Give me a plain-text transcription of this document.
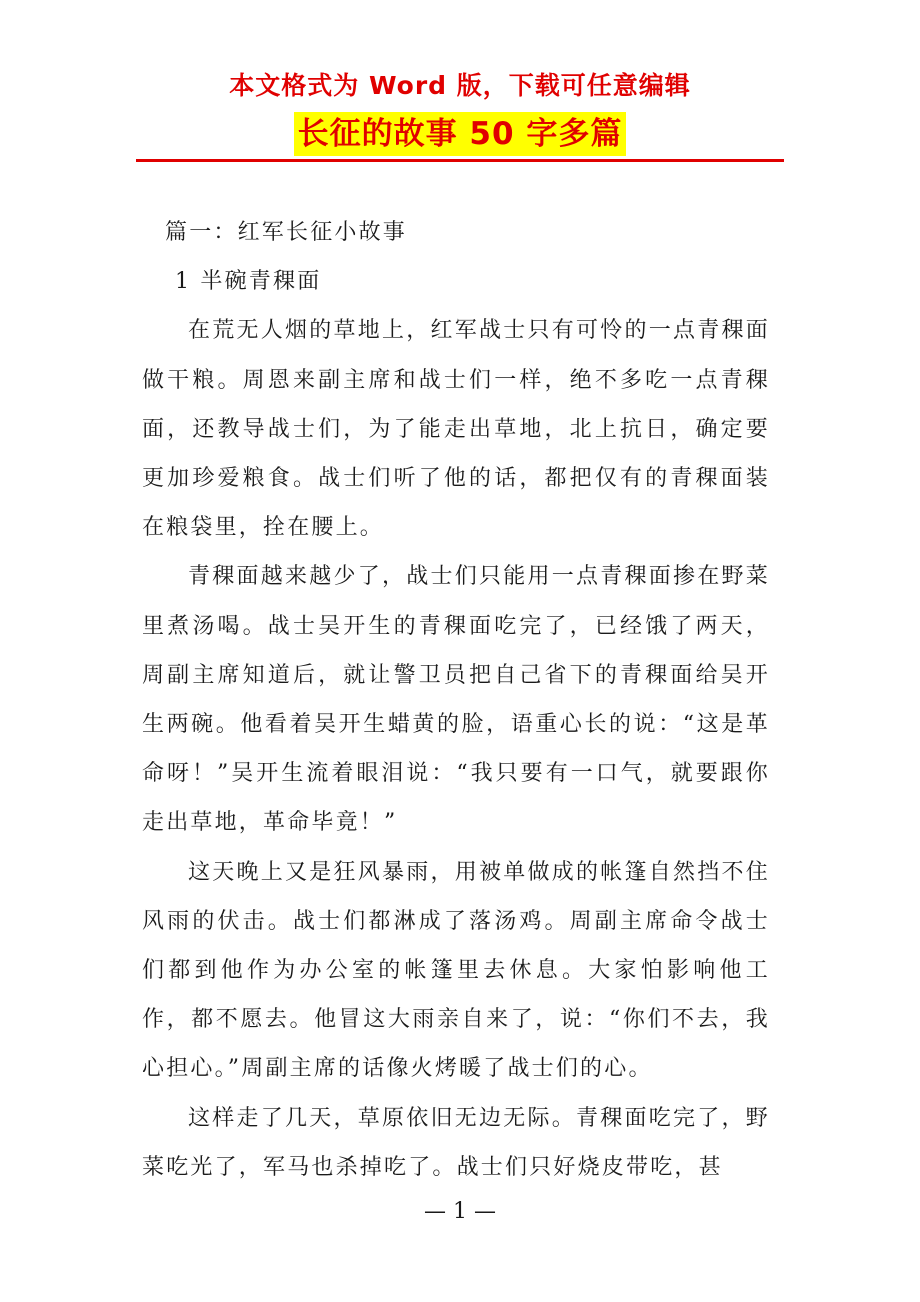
本文格式为 Word 版，下载可任意编辑
长征的故事 50 字多篇

篇一：红军长征小故事

1 半碗青稞面

在荒无人烟的草地上，红军战士只有可怜的一点青稞面做干粮。周恩来副主席和战士们一样，绝不多吃一点青稞面，还教导战士们，为了能走出草地，北上抗日，确定要更加珍爱粮食。战士们听了他的话，都把仅有的青稞面装在粮袋里，拴在腰上。

青稞面越来越少了，战士们只能用一点青稞面掺在野菜里煮汤喝。战士吴开生的青稞面吃完了，已经饿了两天，周副主席知道后，就让警卫员把自己省下的青稞面给吴开生两碗。他看着吴开生蜡黄的脸，语重心长的说：“这是革命呀！”吴开生流着眼泪说：“我只要有一口气，就要跟你走出草地，革命毕竟！”

这天晚上又是狂风暴雨，用被单做成的帐篷自然挡不住风雨的伏击。战士们都淋成了落汤鸡。周副主席命令战士们都到他作为办公室的帐篷里去休息。大家怕影响他工作，都不愿去。他冒这大雨亲自来了，说：“你们不去，我心担心。”周副主席的话像火烤暖了战士们的心。

这样走了几天，草原依旧无边无际。青稞面吃完了，野菜吃光了，军马也杀掉吃了。战士们只好烧皮带吃，甚

— 1 —
